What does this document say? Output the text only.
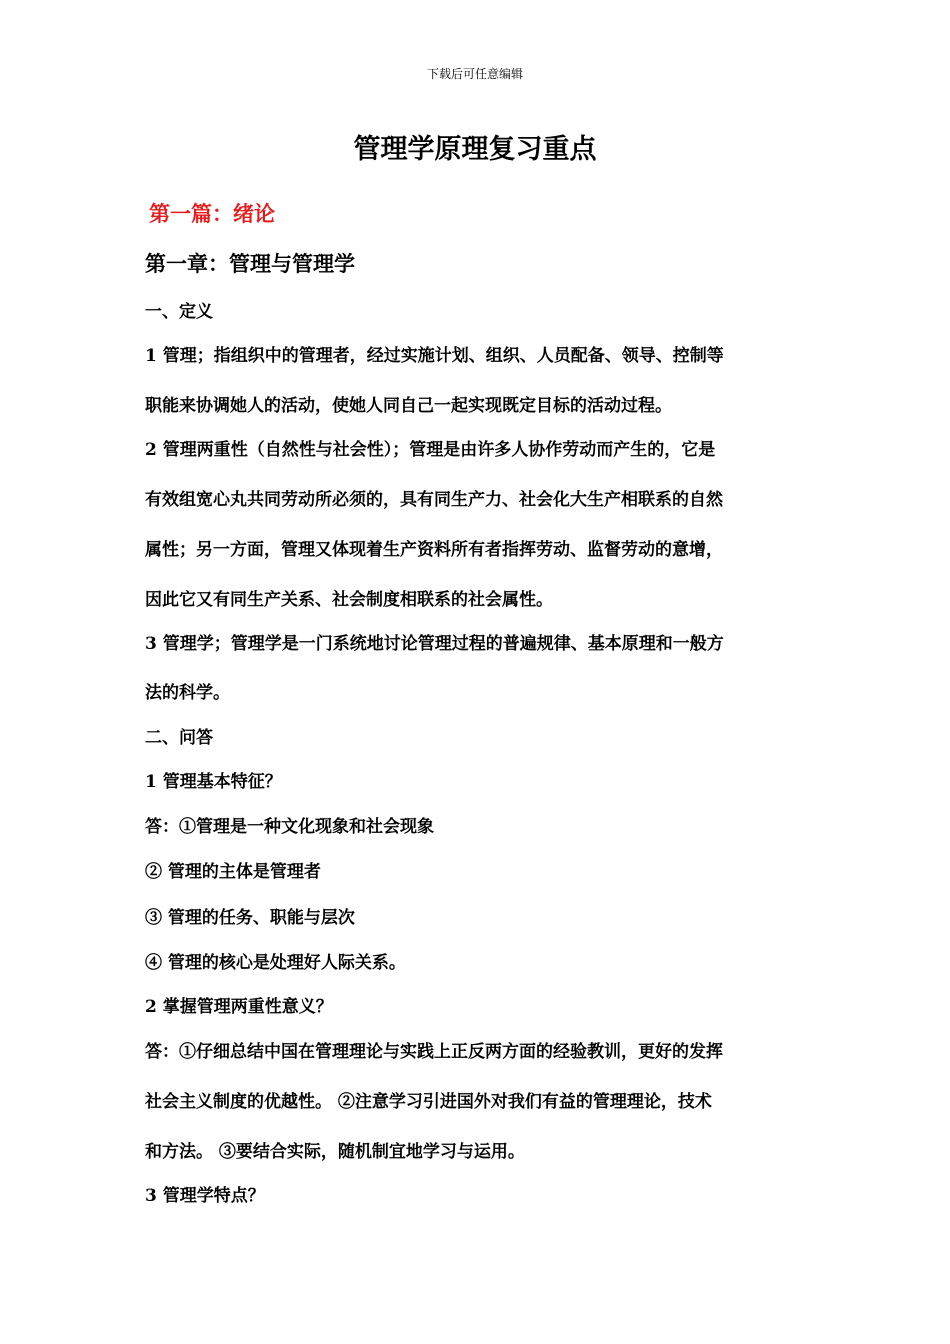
下载后可任意编辑
管理学原理复习重点
第一篇：绪论
第一章：管理与管理学
一、定义
1 管理；指组织中的管理者，经过实施计划、组织、人员配备、领导、控制等
职能来协调她人的活动，使她人同自己一起实现既定目标的活动过程。
2 管理两重性（自然性与社会性）；管理是由许多人协作劳动而产生的，它是
有效组宽心丸共同劳动所必须的，具有同生产力、社会化大生产相联系的自然
属性；另一方面，管理又体现着生产资料所有者指挥劳动、监督劳动的意增，
因此它又有同生产关系、社会制度相联系的社会属性。
3 管理学；管理学是一门系统地讨论管理过程的普遍规律、基本原理和一般方
法的科学。
二、问答
1 管理基本特征？
答：①管理是一种文化现象和社会现象
② 管理的主体是管理者
③ 管理的任务、职能与层次
④ 管理的核心是处理好人际关系。
2 掌握管理两重性意义？
答：①仔细总结中国在管理理论与实践上正反两方面的经验教训，更好的发挥
社会主义制度的优越性。 ②注意学习引进国外对我们有益的管理理论，技术
和方法。 ③要结合实际，随机制宜地学习与运用。
3 管理学特点？
